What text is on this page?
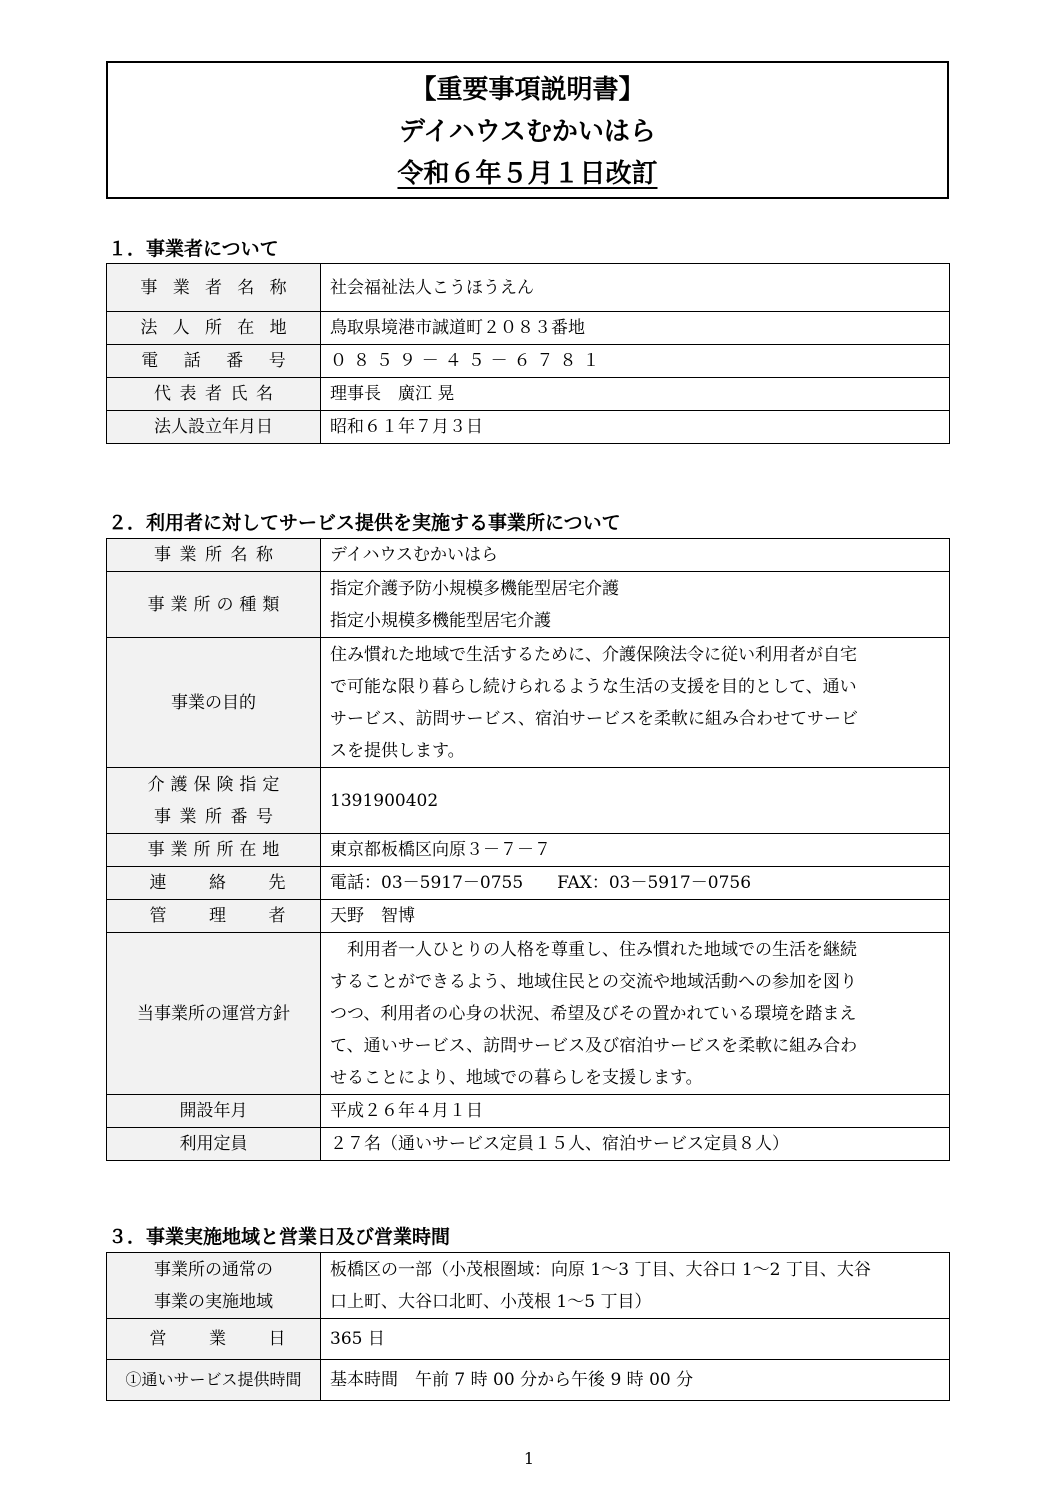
【重要事項説明書】
デイハウスむかいはら
令和６年５月１日改訂
１．事業者について
事業者名称	社会福祉法人こうほうえん
法人所在地	鳥取県境港市誠道町２０８３番地
電話番号	０８５９－４５－６７８１
代表者氏名	理事長　廣江 晃
法人設立年月日	昭和６１年７月３日
２．利用者に対してサービス提供を実施する事業所について
事業所名称	デイハウスむかいはら
事業所の種類	指定介護予防小規模多機能型居宅介護
指定小規模多機能型居宅介護

事業の目的	住み慣れた地域で生活するために、介護保険法令に従い利用者が自宅
で可能な限り暮らし続けられるような生活の支援を目的として、通い
サービス、訪問サービス、宿泊サービスを柔軟に組み合わせてサービ
スを提供します。

介護保険指定
事業所番号	1391900402
事業所所在地	東京都板橋区向原３－７－７
連絡先	電話：03－5917－0755　　FAX：03－5917－0756
管理者	天野　智博
当事業所の運営方針	利用者一人ひとりの人格を尊重し、住み慣れた地域での生活を継続
することができるよう、地域住民との交流や地域活動への参加を図り
つつ、利用者の心身の状況、希望及びその置かれている環境を踏まえ
て、通いサービス、訪問サービス及び宿泊サービスを柔軟に組み合わ
せることにより、地域での暮らしを支援します。

開設年月	平成２６年４月１日
利用定員	２７名（通いサービス定員１５人、宿泊サービス定員８人）
３．事業実施地域と営業日及び営業時間
事業所の通常の
事業の実施地域	板橋区の一部（小茂根圏域：向原 1～3 丁目、大谷口 1～2 丁目、大谷
口上町、大谷口北町、小茂根 1～5 丁目）

営業日	365 日
①通いサービス提供時間	基本時間　午前 7 時 00 分から午後 9 時 00 分
1
